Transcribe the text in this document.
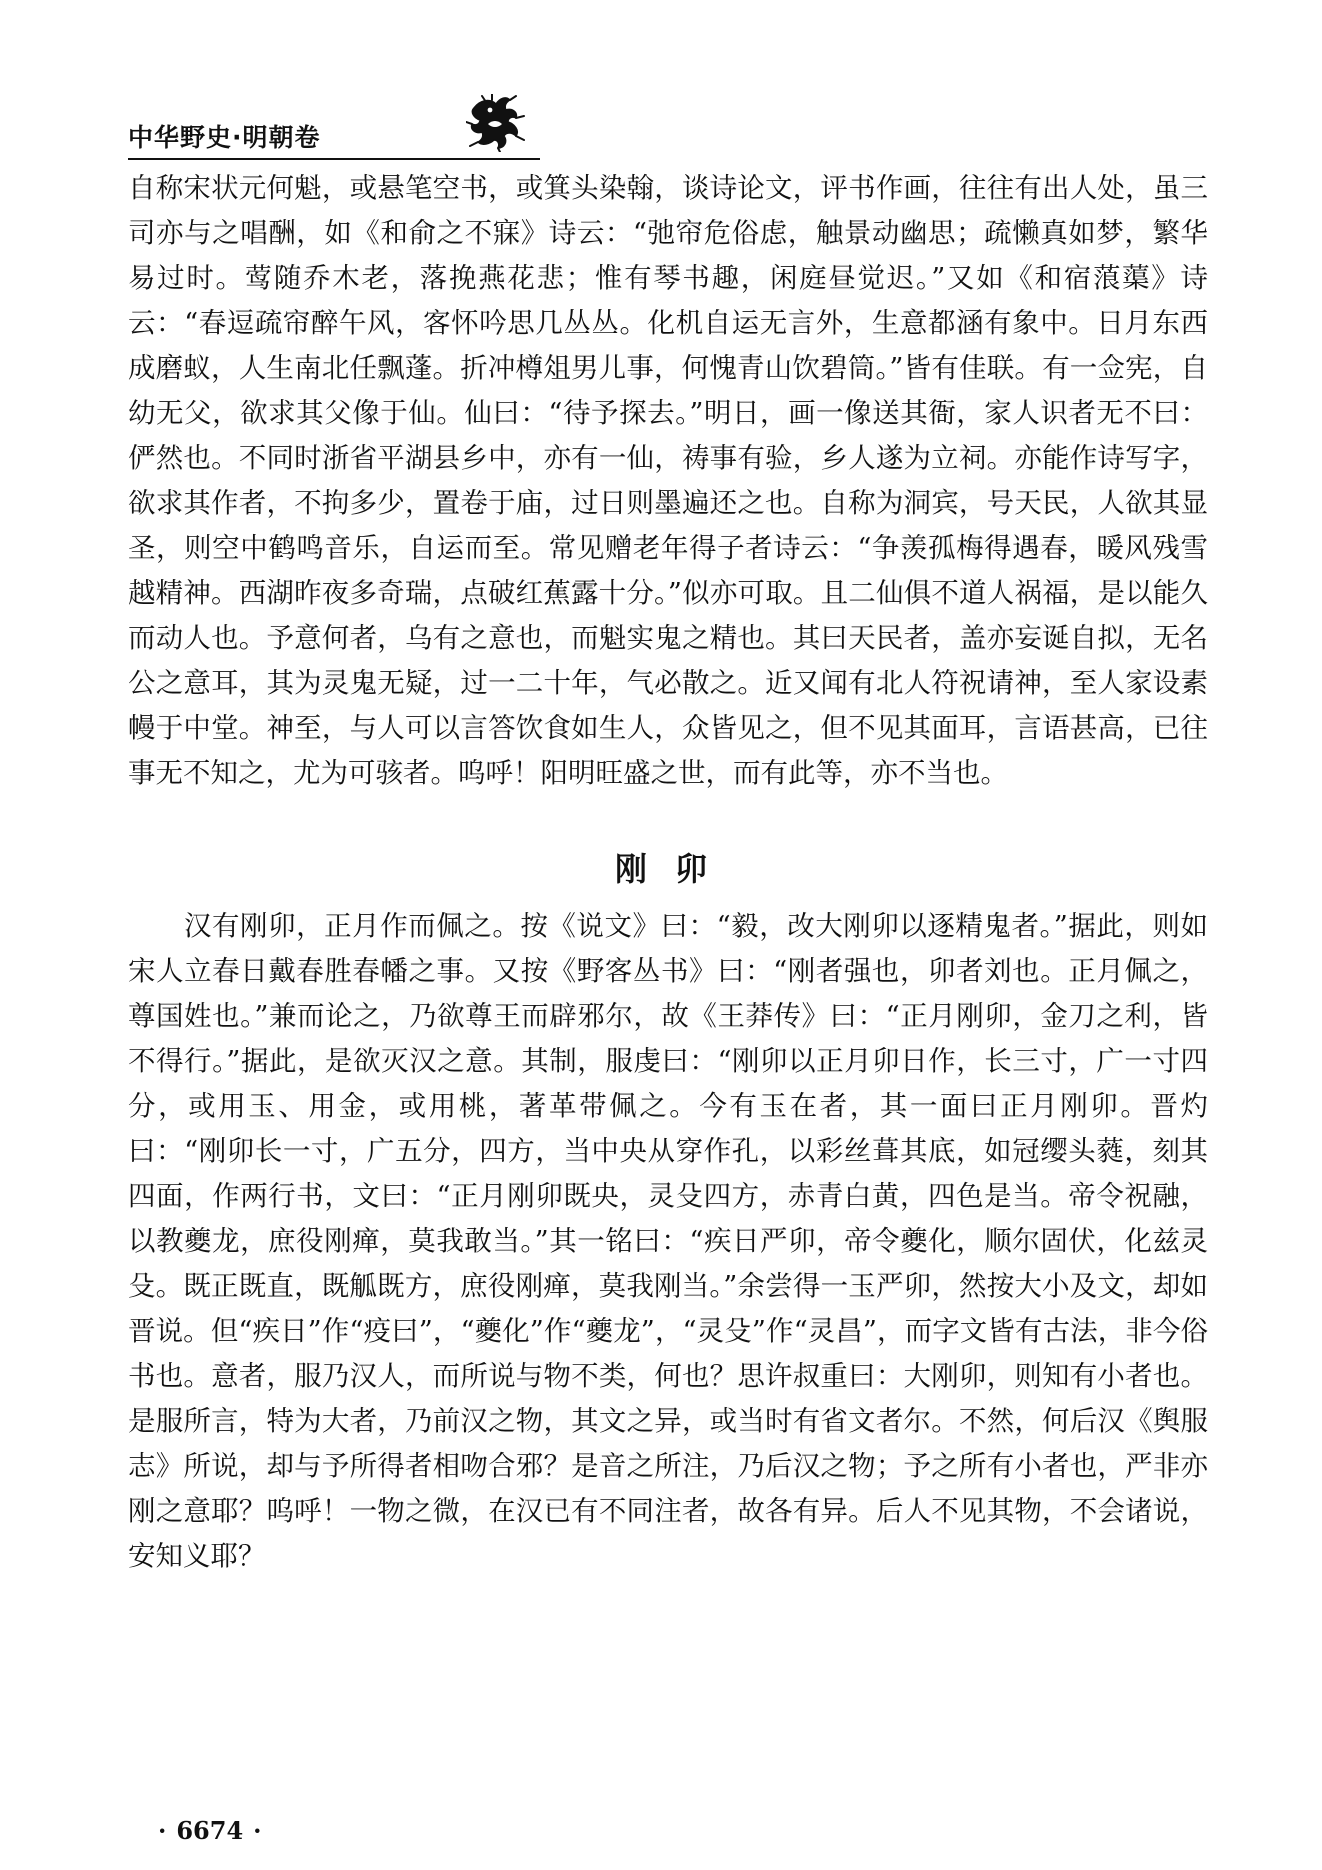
中华野史·明朝卷

自称宋状元何魁，或悬笔空书，或箕头染翰，谈诗论文，评书作画，往往有出人处，虽三司亦与之唱酬，如《和俞之不寐》诗云：“弛帘危俗虑，触景动幽思；疏懒真如梦，繁华易过时。莺随乔木老，落挽燕花悲；惟有琴书趣，闲庭昼觉迟。”又如《和宿蒗蕖》诗云：“春逗疏帘醉午风，客怀吟思几丛丛。化机自运无言外，生意都涵有象中。日月东西成磨蚁，人生南北任飘蓬。折冲樽俎男儿事，何愧青山饮碧筒。”皆有佳联。有一佥宪，自幼无父，欲求其父像于仙。仙曰：“待予探去。”明日，画一像送其衙，家人识者无不曰：俨然也。不同时浙省平湖县乡中，亦有一仙，祷事有验，乡人遂为立祠。亦能作诗写字，欲求其作者，不拘多少，置卷于庙，过日则墨遍还之也。自称为洞宾，号天民，人欲其显圣，则空中鹤鸣音乐，自运而至。常见赠老年得子者诗云：“争羡孤梅得遇春，暖风残雪越精神。西湖昨夜多奇瑞，点破红蕉露十分。”似亦可取。且二仙俱不道人祸福，是以能久而动人也。予意何者，乌有之意也，而魁实鬼之精也。其曰天民者，盖亦妄诞自拟，无名公之意耳，其为灵鬼无疑，过一二十年，气必散之。近又闻有北人符祝请神，至人家设素幔于中堂。神至，与人可以言答饮食如生人，众皆见之，但不见其面耳，言语甚高，已往事无不知之，尤为可骇者。呜呼！阳明旺盛之世，而有此等，亦不当也。

刚卯

汉有刚卯，正月作而佩之。按《说文》曰：“毅，改大刚卯以逐精鬼者。”据此，则如宋人立春日戴春胜春幡之事。又按《野客丛书》曰：“刚者强也，卯者刘也。正月佩之，尊国姓也。”兼而论之，乃欲尊王而辟邪尔，故《王莽传》曰：“正月刚卯，金刀之利，皆不得行。”据此，是欲灭汉之意。其制，服虔曰：“刚卯以正月卯日作，长三寸，广一寸四分，或用玉、用金，或用桃，著革带佩之。今有玉在者，其一面曰正月刚卯。晋灼曰：“刚卯长一寸，广五分，四方，当中央从穿作孔，以彩丝葺其底，如冠缨头蕤，刻其四面，作两行书，文曰：“正月刚卯既央，灵殳四方，赤青白黄，四色是当。帝令祝融，以教夔龙，庶役刚瘅，莫我敢当。”其一铭曰：“疾日严卯，帝令夔化，顺尔固伏，化兹灵殳。既正既直，既觚既方，庶役刚瘅，莫我刚当。”余尝得一玉严卯，然按大小及文，却如晋说。但“疾日”作“疫曰”，“夔化”作“夔龙”，“灵殳”作“灵昌”，而字文皆有古法，非今俗书也。意者，服乃汉人，而所说与物不类，何也？思许叔重曰：大刚卯，则知有小者也。是服所言，特为大者，乃前汉之物，其文之异，或当时有省文者尔。不然，何后汉《舆服志》所说，却与予所得者相吻合邪？是音之所注，乃后汉之物；予之所有小者也，严非亦刚之意耶？呜呼！一物之微，在汉已有不同注者，故各有异。后人不见其物，不会诸说，安知义耶？

· 6674 ·
